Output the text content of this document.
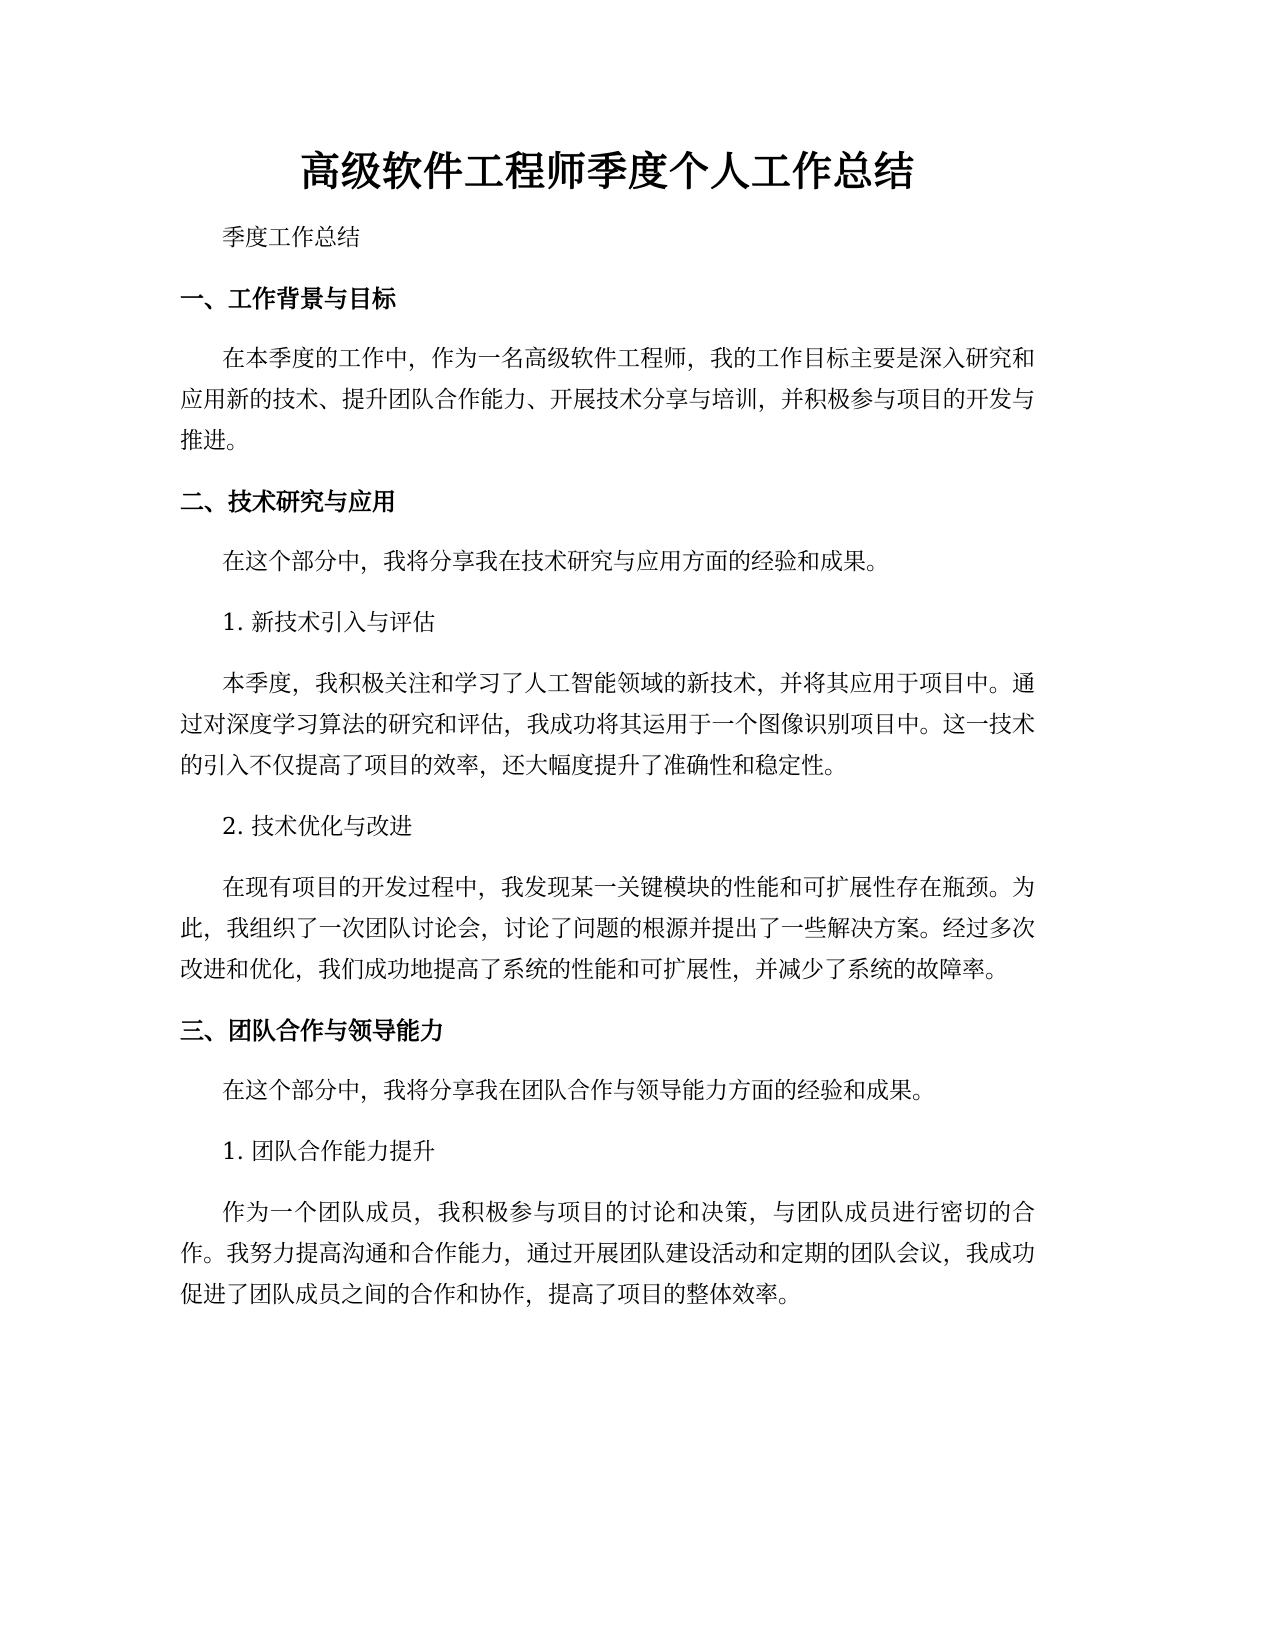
高级软件工程师季度个人工作总结

季度工作总结

一、工作背景与目标

在本季度的工作中，作为一名高级软件工程师，我的工作目标主要是深入研究和应用新的技术、提升团队合作能力、开展技术分享与培训，并积极参与项目的开发与推进。

二、技术研究与应用

在这个部分中，我将分享我在技术研究与应用方面的经验和成果。

1. 新技术引入与评估

本季度，我积极关注和学习了人工智能领域的新技术，并将其应用于项目中。通过对深度学习算法的研究和评估，我成功将其运用于一个图像识别项目中。这一技术的引入不仅提高了项目的效率，还大幅度提升了准确性和稳定性。

2. 技术优化与改进

在现有项目的开发过程中，我发现某一关键模块的性能和可扩展性存在瓶颈。为此，我组织了一次团队讨论会，讨论了问题的根源并提出了一些解决方案。经过多次改进和优化，我们成功地提高了系统的性能和可扩展性，并减少了系统的故障率。

三、团队合作与领导能力

在这个部分中，我将分享我在团队合作与领导能力方面的经验和成果。

1. 团队合作能力提升

作为一个团队成员，我积极参与项目的讨论和决策，与团队成员进行密切的合作。我努力提高沟通和合作能力，通过开展团队建设活动和定期的团队会议，我成功促进了团队成员之间的合作和协作，提高了项目的整体效率。
